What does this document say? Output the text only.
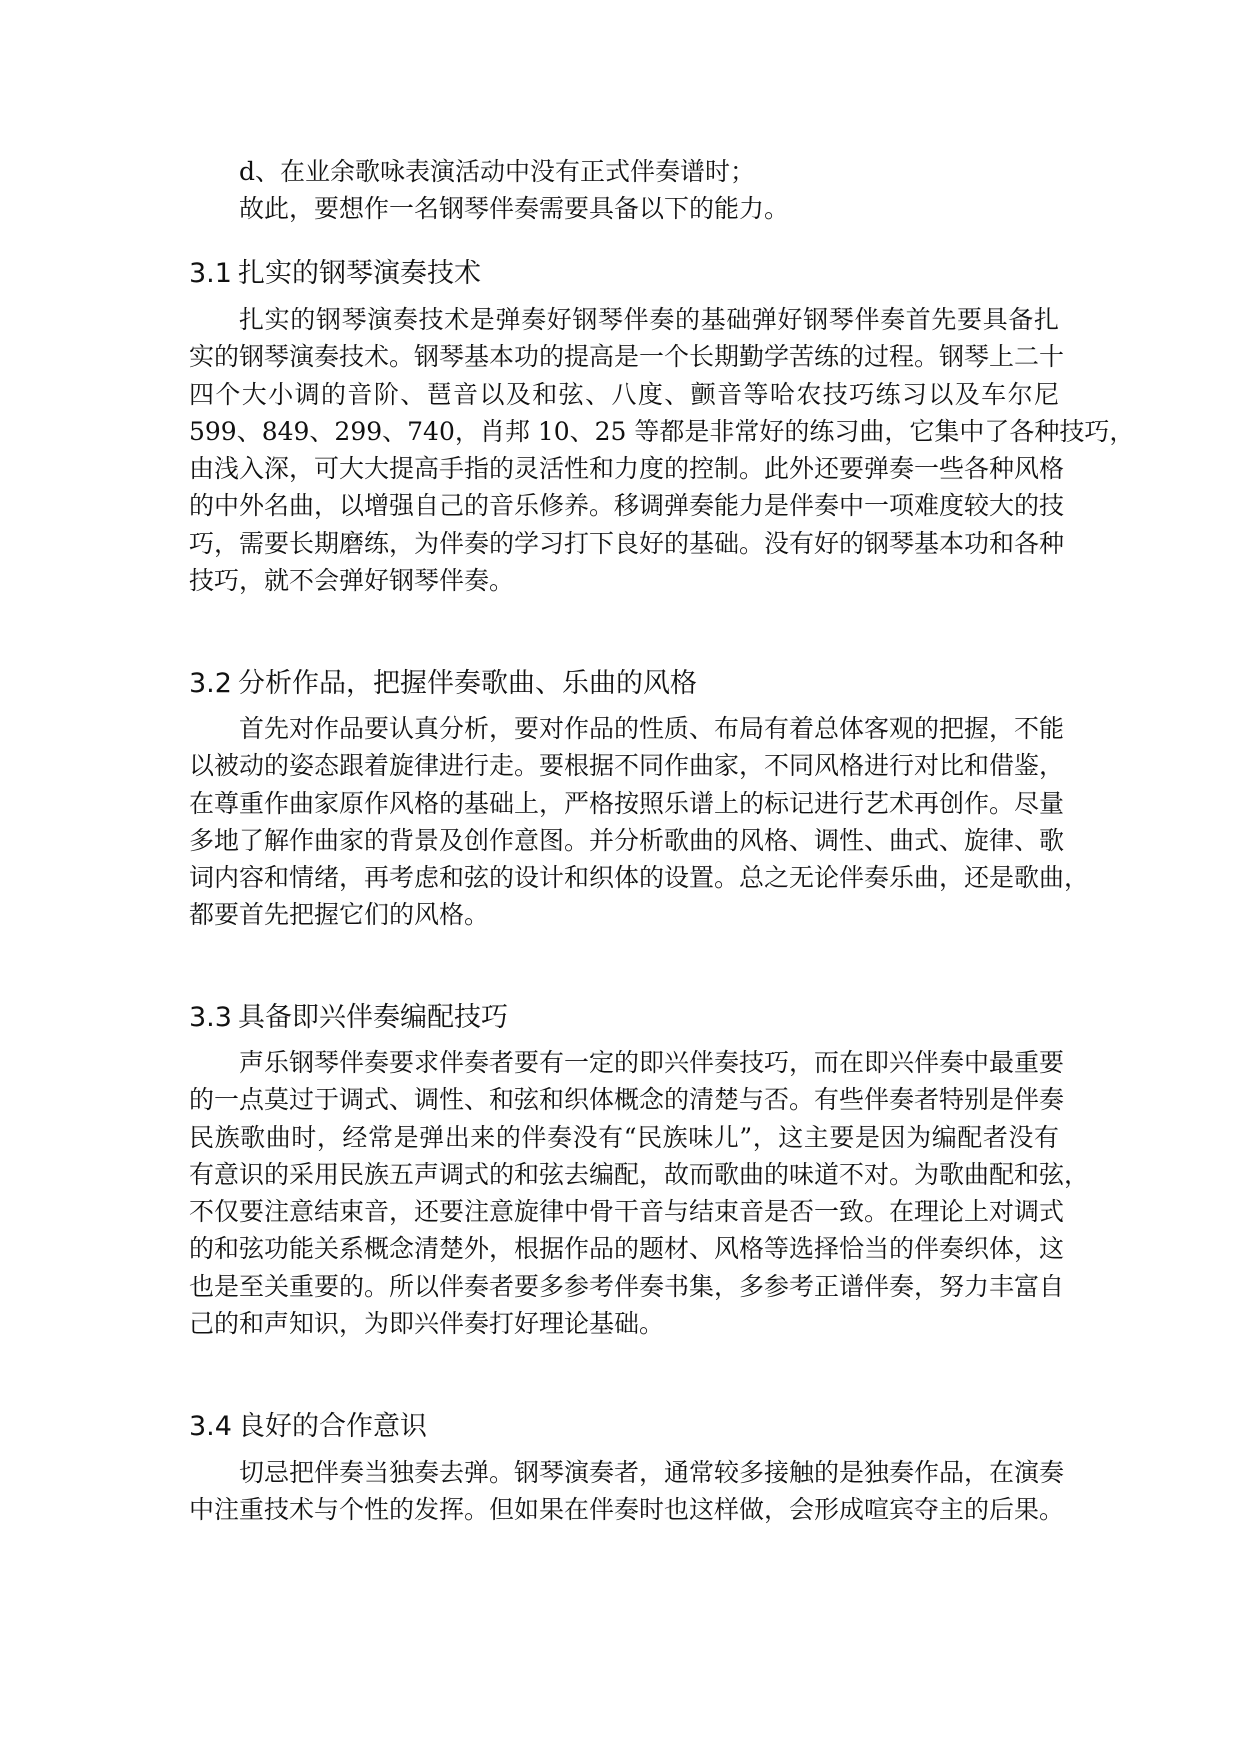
d、在业余歌咏表演活动中没有正式伴奏谱时；
故此，要想作一名钢琴伴奏需要具备以下的能力。
3.1 扎实的钢琴演奏技术
扎实的钢琴演奏技术是弹奏好钢琴伴奏的基础弹好钢琴伴奏首先要具备扎
实的钢琴演奏技术。钢琴基本功的提高是一个长期勤学苦练的过程。钢琴上二十
四个大小调的音阶、琶音以及和弦、八度、颤音等哈农技巧练习以及车尔尼
599、849、299、740，肖邦 10、25 等都是非常好的练习曲，它集中了各种技巧，
由浅入深，可大大提高手指的灵活性和力度的控制。此外还要弹奏一些各种风格
的中外名曲，以增强自己的音乐修养。移调弹奏能力是伴奏中一项难度较大的技
巧，需要长期磨练，为伴奏的学习打下良好的基础。没有好的钢琴基本功和各种
技巧，就不会弹好钢琴伴奏。
3.2 分析作品，把握伴奏歌曲、乐曲的风格
首先对作品要认真分析，要对作品的性质、布局有着总体客观的把握，不能
以被动的姿态跟着旋律进行走。要根据不同作曲家，不同风格进行对比和借鉴，
在尊重作曲家原作风格的基础上，严格按照乐谱上的标记进行艺术再创作。尽量
多地了解作曲家的背景及创作意图。并分析歌曲的风格、调性、曲式、旋律、歌
词内容和情绪，再考虑和弦的设计和织体的设置。总之无论伴奏乐曲，还是歌曲，
都要首先把握它们的风格。
3.3 具备即兴伴奏编配技巧
声乐钢琴伴奏要求伴奏者要有一定的即兴伴奏技巧，而在即兴伴奏中最重要
的一点莫过于调式、调性、和弦和织体概念的清楚与否。有些伴奏者特别是伴奏
民族歌曲时，经常是弹出来的伴奏没有“民族味儿”，这主要是因为编配者没有
有意识的采用民族五声调式的和弦去编配，故而歌曲的味道不对。为歌曲配和弦，
不仅要注意结束音，还要注意旋律中骨干音与结束音是否一致。在理论上对调式
的和弦功能关系概念清楚外，根据作品的题材、风格等选择恰当的伴奏织体，这
也是至关重要的。所以伴奏者要多参考伴奏书集，多参考正谱伴奏，努力丰富自
己的和声知识，为即兴伴奏打好理论基础。
3.4 良好的合作意识
切忌把伴奏当独奏去弹。钢琴演奏者，通常较多接触的是独奏作品，在演奏
中注重技术与个性的发挥。但如果在伴奏时也这样做，会形成喧宾夺主的后果。
